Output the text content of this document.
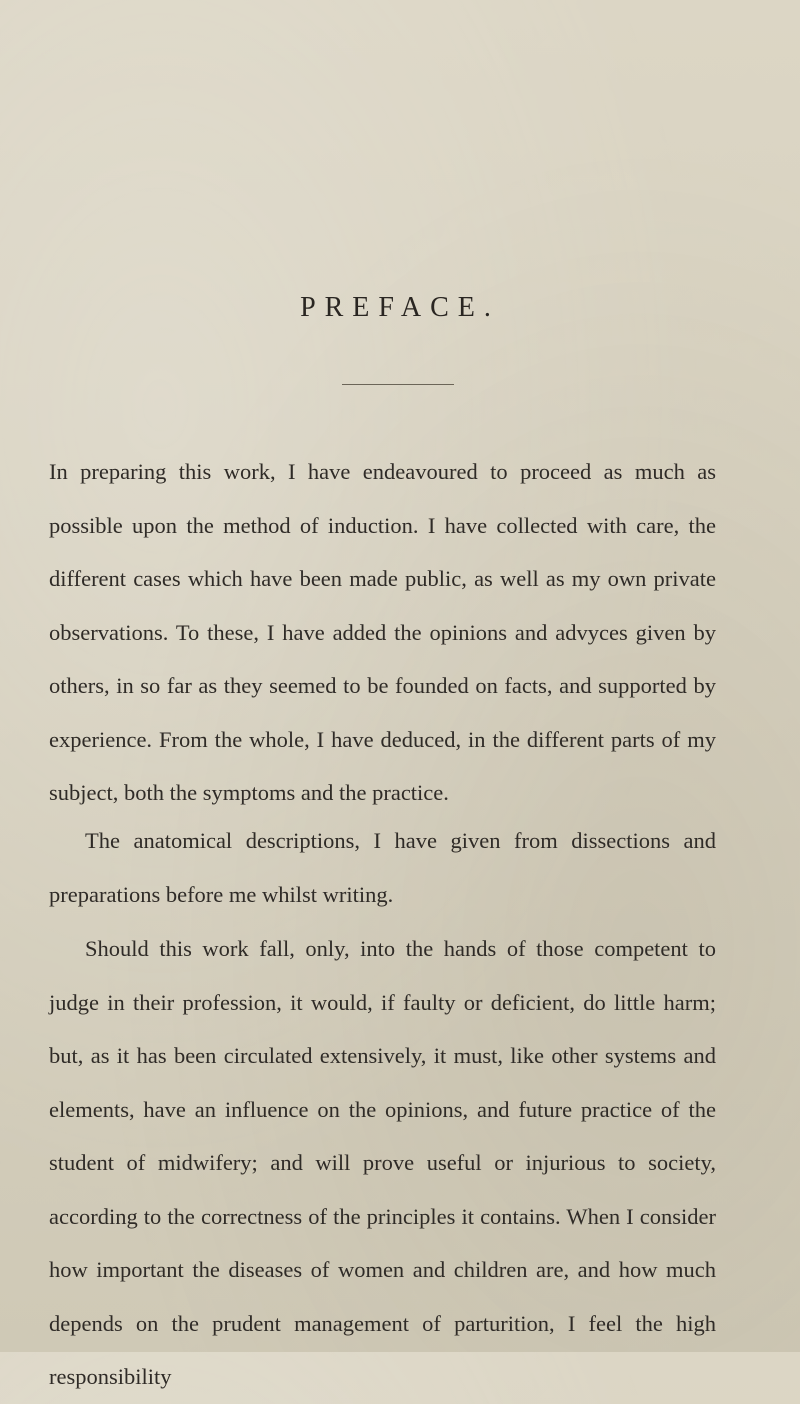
PREFACE.

In preparing this work, I have endeavoured to proceed as much as possible upon the method of induction. I have collected with care, the different cases which have been made public, as well as my own private observations. To these, I have added the opinions and advyces given by others, in so far as they seemed to be founded on facts, and supported by experience. From the whole, I have deduced, in the different parts of my subject, both the symptoms and the practice.

The anatomical descriptions, I have given from dissections and preparations before me whilst writing.

Should this work fall, only, into the hands of those competent to judge in their profession, it would, if faulty or deficient, do little harm; but, as it has been circulated extensively, it must, like other systems and elements, have an influence on the opinions, and future practice of the student of midwifery; and will prove useful or injurious to society, according to the correctness of the principles it contains. When I consider how important the diseases of women and children are, and how much depends on the prudent management of parturition, I feel the high responsibility
